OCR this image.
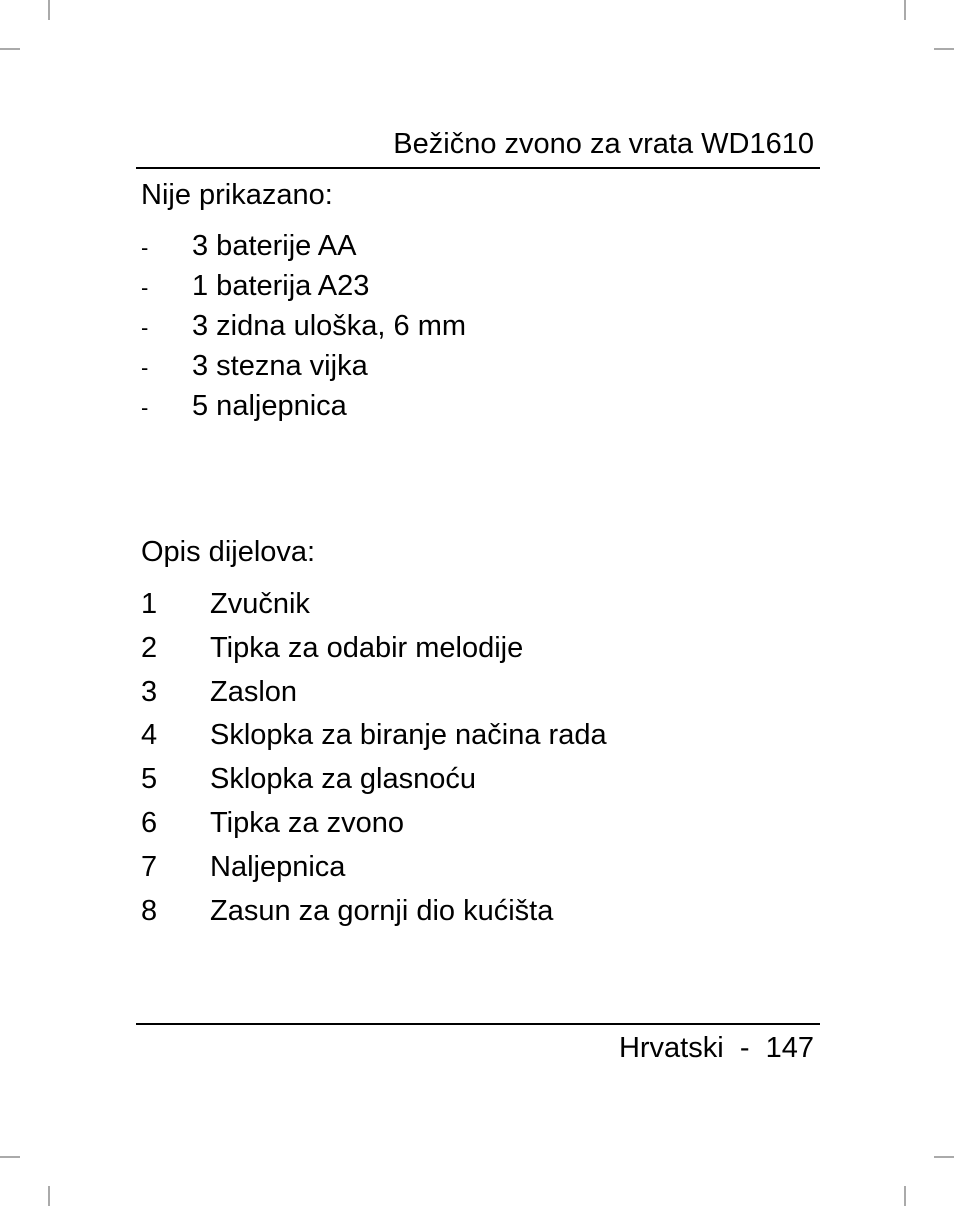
Bežično zvono za vrata WD1610
Nije prikazano:
- 3 baterije AA
- 1 baterija A23
- 3 zidna uloška, 6 mm
- 3 stezna vijka
- 5 naljepnica
Opis dijelova:
1 Zvučnik
2 Tipka za odabir melodije
3 Zaslon
4 Sklopka za biranje načina rada
5 Sklopka za glasnoću
6 Tipka za zvono
7 Naljepnica
8 Zasun za gornji dio kućišta
Hrvatski - 147
